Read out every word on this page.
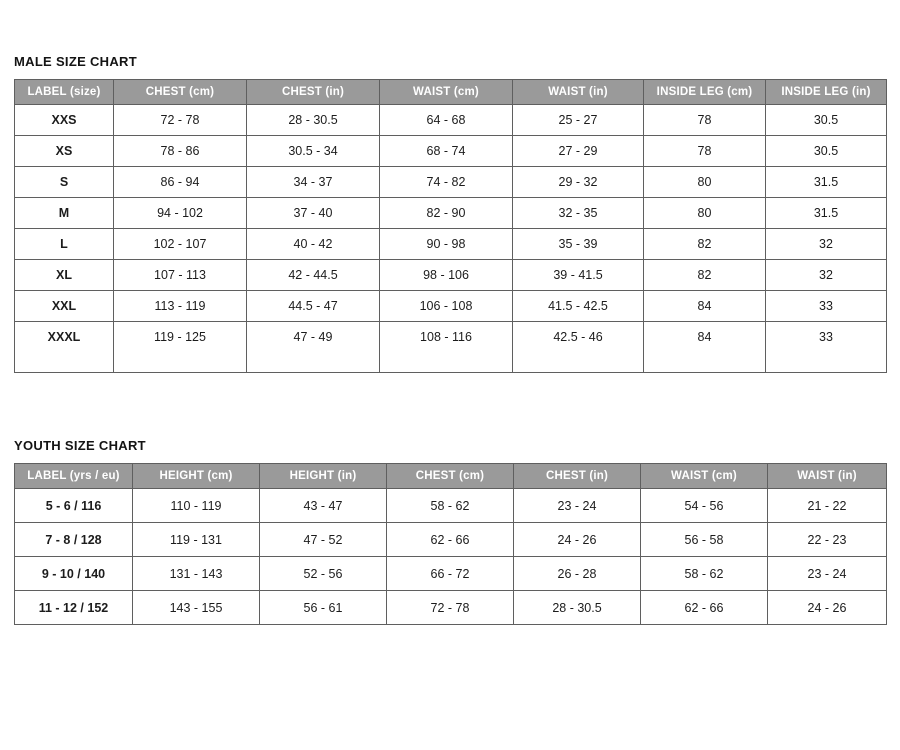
MALE SIZE CHART
LABEL (size)	CHEST (cm)	CHEST (in)	WAIST (cm)	WAIST (in)	INSIDE LEG (cm)	INSIDE LEG (in)
XXS	72 - 78	28 - 30.5	64 - 68	25 - 27	78	30.5
XS	78 - 86	30.5 - 34	68 - 74	27 - 29	78	30.5
S	86 - 94	34 - 37	74 - 82	29 - 32	80	31.5
M	94 - 102	37 - 40	82 - 90	32 - 35	80	31.5
L	102 - 107	40 - 42	90 - 98	35 - 39	82	32
XL	107 - 113	42 - 44.5	98 - 106	39 - 41.5	82	32
XXL	113 - 119	44.5 - 47	106 - 108	41.5 - 42.5	84	33
XXXL	119 - 125	47 - 49	108 - 116	42.5 - 46	84	33

YOUTH SIZE CHART
LABEL (yrs / eu)	HEIGHT (cm)	HEIGHT (in)	CHEST (cm)	CHEST (in)	WAIST (cm)	WAIST (in)
5 - 6 / 116	110 - 119	43 - 47	58 - 62	23 - 24	54 - 56	21 - 22
7 - 8 / 128	119 - 131	47 - 52	62 - 66	24 - 26	56 - 58	22 - 23
9 - 10 / 140	131 - 143	52 - 56	66 - 72	26 - 28	58 - 62	23 - 24
11 - 12 / 152	143 - 155	56 - 61	72 - 78	28 - 30.5	62 - 66	24 - 26
